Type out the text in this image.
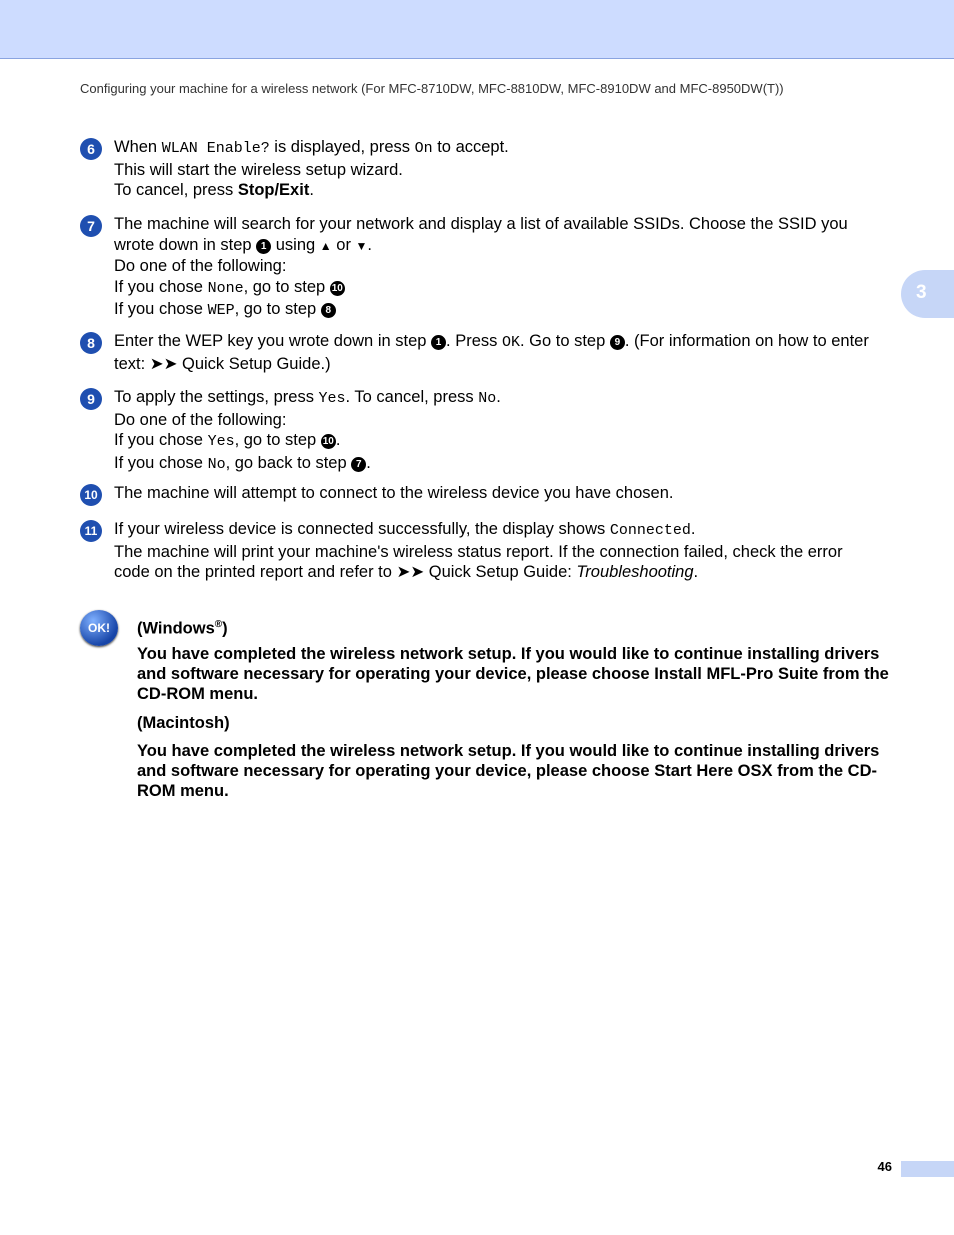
Configuring your machine for a wireless network (For MFC-8710DW, MFC-8810DW, MFC-8910DW and MFC-8950DW(T))
3
6	When WLAN Enable? is displayed, press On to accept.
This will start the wireless setup wizard.
To cancel, press Stop/Exit.
7	The machine will search for your network and display a list of available SSIDs. Choose the SSID you
wrote down in step 1 using ▲ or ▼.
Do one of the following:
If you chose None, go to step 10
If you chose WEP, go to step 8
8	Enter the WEP key you wrote down in step 1 . Press OK. Go to step 9 . (For information on how to enter
text: ➤➤ Quick Setup Guide.)
9	To apply the settings, press Yes. To cancel, press No.
Do one of the following:
If you chose Yes, go to step 10 .
If you chose No, go back to step 7 .
10 The machine will attempt to connect to the wireless device you have chosen.
11 If your wireless device is connected successfully, the display shows Connected.
The machine will print your machine's wireless status report. If the connection failed, check the error
code on the printed report and refer to ➤➤ Quick Setup Guide: Troubleshooting.
OK!	(Windows®)
You have completed the wireless network setup. If you would like to continue installing drivers and software necessary for operating your device, please choose Install MFL-Pro Suite from the CD-ROM menu.
(Macintosh)
You have completed the wireless network setup. If you would like to continue installing drivers and software necessary for operating your device, please choose Start Here OSX from the CD-ROM menu.
46
